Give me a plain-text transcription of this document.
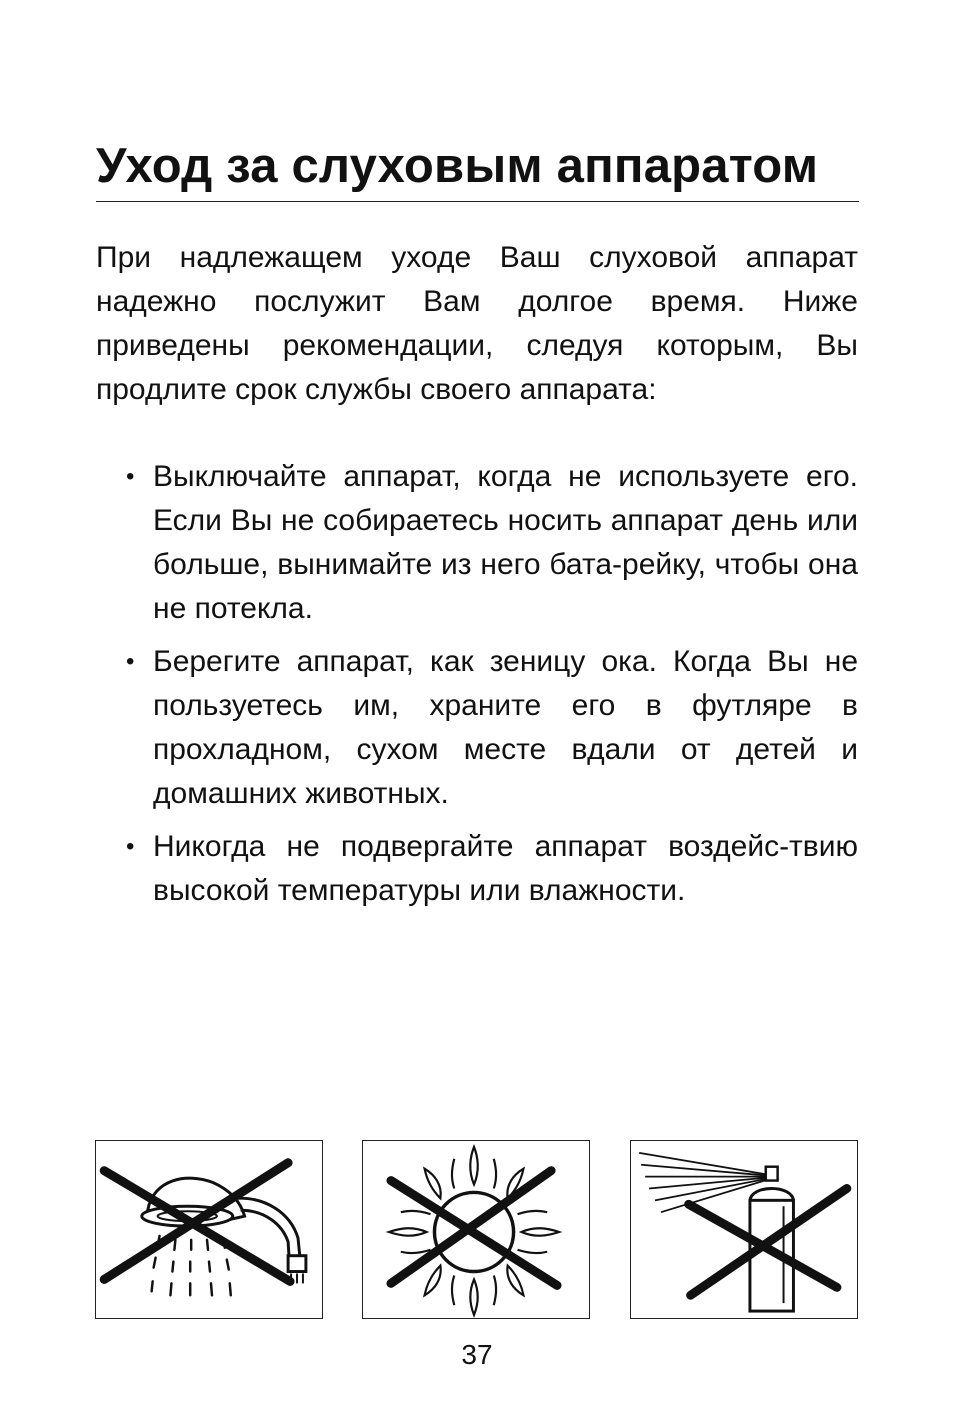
Уход за слуховым аппаратом

При надлежащем уходе Ваш слуховой аппарат надежно послужит Вам долгое время. Ниже приведены рекомендации, следуя которым, Вы продлите срок службы своего аппарата:

• Выключайте аппарат, когда не используете его. Если Вы не собираетесь носить аппарат день или больше, вынимайте из него бата-рейку, чтобы она не потекла.
• Берегите аппарат, как зеницу ока. Когда Вы не пользуетесь им, храните его в футляре в прохладном, сухом месте вдали от детей и домашних животных.
• Никогда не подвергайте аппарат воздейс-твию высокой температуры или влажности.
37
